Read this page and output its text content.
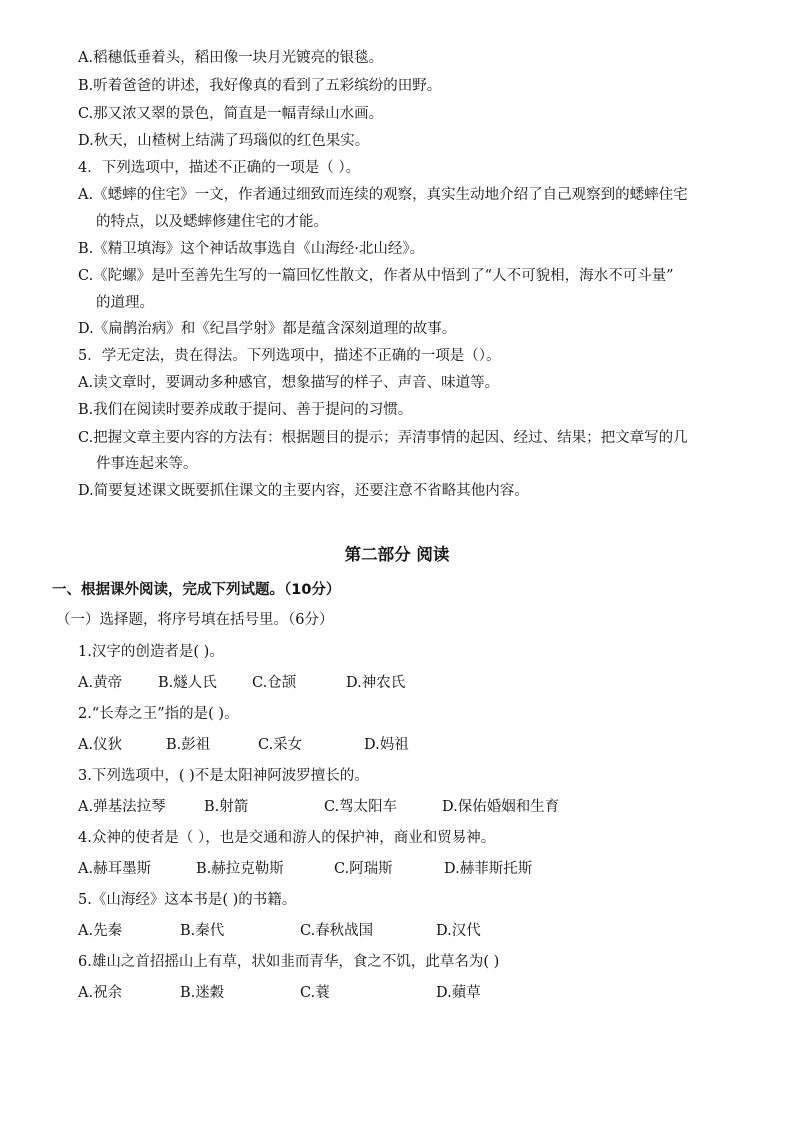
A.稻穗低垂着头，稻田像一块月光镀亮的银毯。
B.听着爸爸的讲述，我好像真的看到了五彩缤纷的田野。
C.那又浓又翠的景色，简直是一幅青绿山水画。
D.秋天，山楂树上结满了玛瑙似的红色果实。
4．下列选项中，描述不正确的一项是（ ）。
A.《蟋蟀的住宅》一文，作者通过细致而连续的观察，真实生动地介绍了自己观察到的蟋蟀住宅
的特点，以及蟋蟀修建住宅的才能。
B.《精卫填海》这个神话故事选自《山海经·北山经》。
C.《陀螺》是叶至善先生写的一篇回忆性散文，作者从中悟到了“人不可貌相，海水不可斗量”
的道理。
D.《扁鹊治病》和《纪昌学射》都是蕴含深刻道理的故事。
5．学无定法，贵在得法。下列选项中，描述不正确的一项是（）。
A.读文章时，要调动多种感官，想象描写的样子、声音、味道等。
B.我们在阅读时要养成敢于提问、善于提问的习惯。
C.把握文章主要内容的方法有：根据题目的提示；弄清事情的起因、经过、结果；把文章写的几
件事连起来等。
D.简要复述课文既要抓住课文的主要内容，还要注意不省略其他内容。
第二部分 阅读
一、根据课外阅读，完成下列试题。（10分）
（一）选择题，将序号填在括号里。（6分）
1.汉字的创造者是( )。
A.黄帝 B.燧人氏 C.仓颉	D.神农氏
2.“长寿之王”指的是( )。
A.仪狄	B.彭祖	C.采女	D.妈祖
3.下列选项中，( )不是太阳神阿波罗擅长的。
A.弹基法拉琴	B.射箭	C.驾太阳车	D.保佑婚姻和生育
4.众神的使者是（ ），也是交通和游人的保护神，商业和贸易神。
A.赫耳墨斯	B.赫拉克勒斯	C.阿瑞斯	D.赫菲斯托斯
5.《山海经》这本书是( )的书籍。
A.先秦	B.秦代	C.春秋战国	D.汉代
6.雄山之首招摇山上有草，状如韭而青华，食之不饥，此草名为( )
A.祝余	B.迷穀	C.蓑	D.蘋草
